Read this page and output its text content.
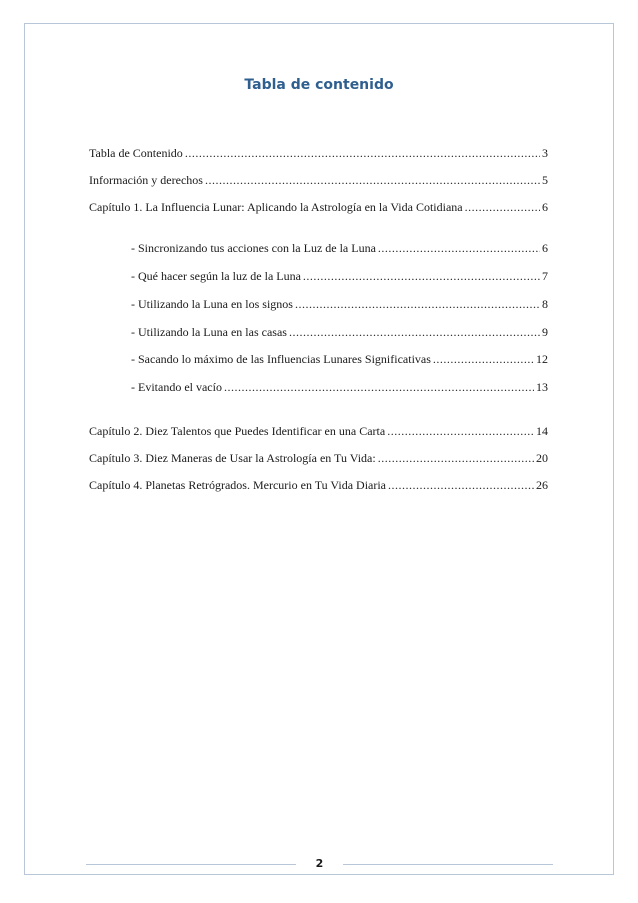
Tabla de contenido
Tabla de Contenido .....	3
Información y derechos .....	5
Capítulo 1. La Influencia Lunar: Aplicando la Astrología en la Vida Cotidiana .....	6
- Sincronizando tus acciones con la Luz de la Luna .....	6
- Qué hacer según la luz de la Luna .....	7
- Utilizando la Luna en los signos .....	8
- Utilizando la Luna en las casas .....	9
- Sacando lo máximo de las Influencias Lunares Significativas .....	12
- Evitando el vacío .....	13
Capítulo 2. Diez Talentos que Puedes Identificar en una Carta .....	14
Capítulo 3. Diez Maneras de Usar la Astrología en Tu Vida: .....	20
Capítulo 4. Planetas Retrógrados. Mercurio en Tu Vida Diaria .....	26
2
